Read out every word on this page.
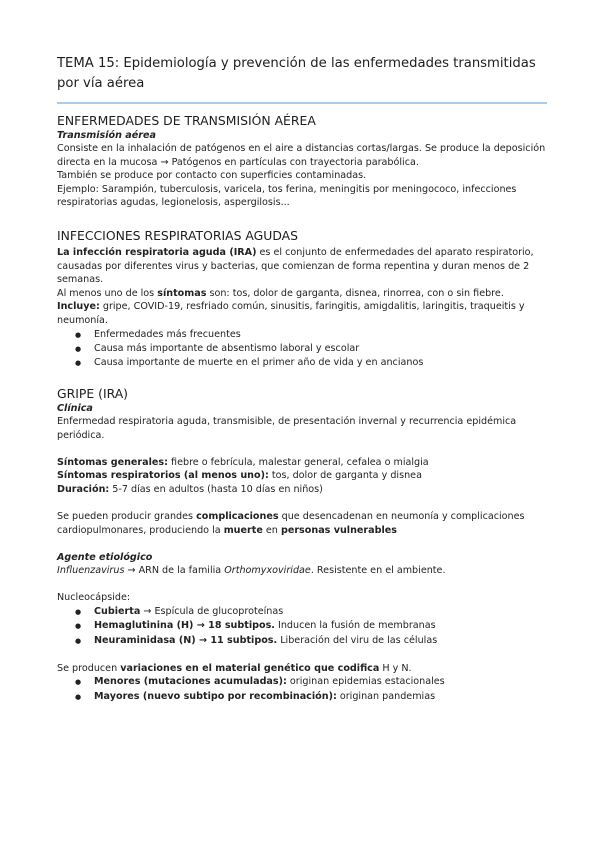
TEMA 15: Epidemiología y prevención de las enfermedades transmitidas por vía aérea

ENFERMEDADES DE TRANSMISIÓN AÉREA
Transmisión aérea

Consiste en la inhalación de patógenos en el aire a distancias cortas/largas. Se produce la deposición directa en la mucosa → Patógenos en partículas con trayectoria parabólica.

También se produce por contacto con superficies contaminadas.

Ejemplo: Sarampión, tuberculosis, varicela, tos ferina, meningitis por meningococo, infecciones respiratorias agudas, legionelosis, aspergilosis...

INFECCIONES RESPIRATORIAS AGUDAS

La infección respiratoria aguda (IRA) es el conjunto de enfermedades del aparato respiratorio, causadas por diferentes virus y bacterias, que comienzan de forma repentina y duran menos de 2 semanas.

Al menos uno de los síntomas son: tos, dolor de garganta, disnea, rinorrea, con o sin fiebre.

Incluye: gripe, COVID-19, resfriado común, sinusitis, faringitis, amigdalitis, laringitis, traqueitis y neumonía.

● Enfermedades más frecuentes
● Causa más importante de absentismo laboral y escolar
● Causa importante de muerte en el primer año de vida y en ancianos
GRIPE (IRA)
Clínica

Enfermedad respiratoria aguda, transmisible, de presentación invernal y recurrencia epidémica periódica.

Síntomas generales: fiebre o febrícula, malestar general, cefalea o mialgia

Síntomas respiratorios (al menos uno): tos, dolor de garganta y disnea

Duración: 5-7 días en adultos (hasta 10 días en niños)

Se pueden producir grandes complicaciones que desencadenan en neumonía y complicaciones cardiopulmonares, produciendo la muerte en personas vulnerables

Agente etiológico

Influenzavirus → ARN de la familia Orthomyxoviridae. Resistente en el ambiente.

Nucleocápside:

● Cubierta → Espícula de glucoproteínas
● Hemaglutinina (H) → 18 subtipos. Inducen la fusión de membranas
● Neuraminidasa (N) → 11 subtipos. Liberación del viru de las células

Se producen variaciones en el material genético que codifica H y N.

● Menores (mutaciones acumuladas): originan epidemias estacionales
● Mayores (nuevo subtipo por recombinación): originan pandemias
